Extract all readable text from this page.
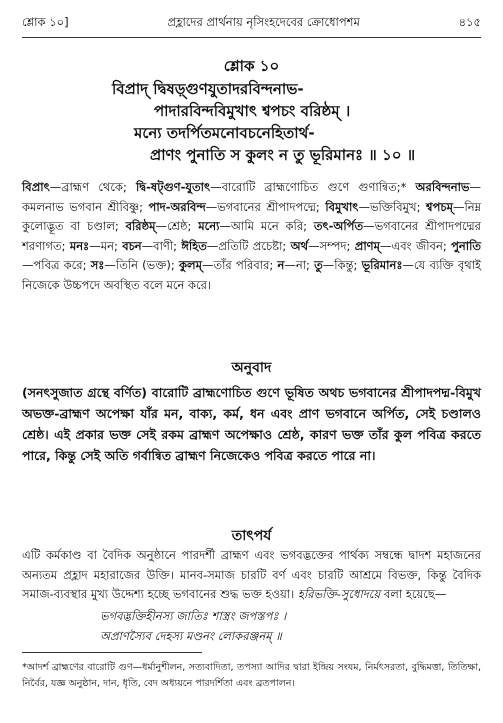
শ্লোক ১০]	প্রহ্লাদের প্রার্থনায় নৃসিংহদেবের ক্রোধোপশম	৪১৫
শ্লোক ১০
বিপ্রাদ্ দ্বিষড়্গুণযুতাদরবিন্দনাভ-
পাদারবিন্দবিমুখাৎ শ্বপচং বরিষ্ঠম্ ।
মন্যে তদর্পিতমনোবচনেহিতার্থ-
প্রাণং পুনাতি স কুলং ন তু ভূরিমানঃ ॥ ১০ ॥
বিপ্রাৎ—ব্রাহ্মণ থেকে; দ্বি-ষট্‌গুণ-যুতাৎ—বারোটি ব্রাহ্মণোচিত গুণে গুণান্বিত;* অরবিন্দনাভ—কমলনাভ ভগবান শ্রীবিষ্ণু; পাদ-অরবিন্দ—ভগবানের শ্রীপাদপদ্মে; বিমুখাৎ—ভক্তিবিমুখ; শ্বপচম্—নিম্ন কুলোদ্ভূত বা চণ্ডাল; বরিষ্ঠম্—শ্রেষ্ঠ; মন্যে—আমি মনে করি; তৎ-অর্পিত—ভগবানের শ্রীপাদপদ্মের শরণাগত; মনঃ—মন; বচন—বাণী; ঈহিত—প্রতিটি প্রচেষ্টা; অর্থ—সম্পদ; প্রাণম্—এবং জীবন; পুনাতি—পবিত্র করে; সঃ—তিনি (ভক্ত); কুলম্—তাঁর পরিবার; ন—না; তু—কিন্তু; ভূরিমানঃ—যে ব্যক্তি বৃথাই নিজেকে উচ্চপদে অবস্থিত বলে মনে করে।
অনুবাদ
(সনৎসুজাত গ্রন্থে বর্ণিত) বারোটি ব্রাহ্মণোচিত গুণে ভূষিত অথচ ভগবানের শ্রীপাদপদ্ম-বিমুখ অভক্ত-ব্রাহ্মণ অপেক্ষা যাঁর মন, বাক্য, কর্ম, ধন এবং প্রাণ ভগবানে অর্পিত, সেই চণ্ডালও শ্রেষ্ঠ। এই প্রকার ভক্ত সেই রকম ব্রাহ্মণ অপেক্ষাও শ্রেষ্ঠ, কারণ ভক্ত তাঁর কুল পবিত্র করতে পারে, কিন্তু সেই অতি গর্বান্বিত ব্রাহ্মণ নিজেকেও পবিত্র করতে পারে না।
তাৎপর্য
এটি কর্মকাণ্ড বা বৈদিক অনুষ্ঠানে পারদর্শী ব্রাহ্মণ এবং ভগবদ্ভক্তের পার্থক্য সম্বন্ধে দ্বাদশ মহাজনের অন্যতম প্রহ্লাদ মহারাজের উক্তি। মানব-সমাজ চারটি বর্ণ এবং চারটি আশ্রমে বিভক্ত, কিন্তু বৈদিক সমাজ-ব্যবস্থার মুখ্য উদ্দেশ্য হচ্ছে ভগবানের শুদ্ধ ভক্ত হওয়া। হরিভক্তি-সুধোদয়ে বলা হয়েছে—
ভগবদ্ভক্তিহীনস্য জাতিঃ শাস্ত্রং জপস্তপঃ ।
অপ্রাণস্যৈব দেহস্য মণ্ডনং লোকরঞ্জনম্ ॥
*আদর্শ ব্রাহ্মণের বারোটি গুণ—ধর্মানুশীলন, সত্যবাদিতা, তপস্যা আদির দ্বারা ইন্দ্রিয় সংযম, নির্মৎসরতা, বুদ্ধিমত্তা, তিতিক্ষা, নির্বৈর, যজ্ঞ অনুষ্ঠান, দান, ধৃতি, বেদ অধ্যয়নে পারদর্শিতা এবং ব্রতপালন।
